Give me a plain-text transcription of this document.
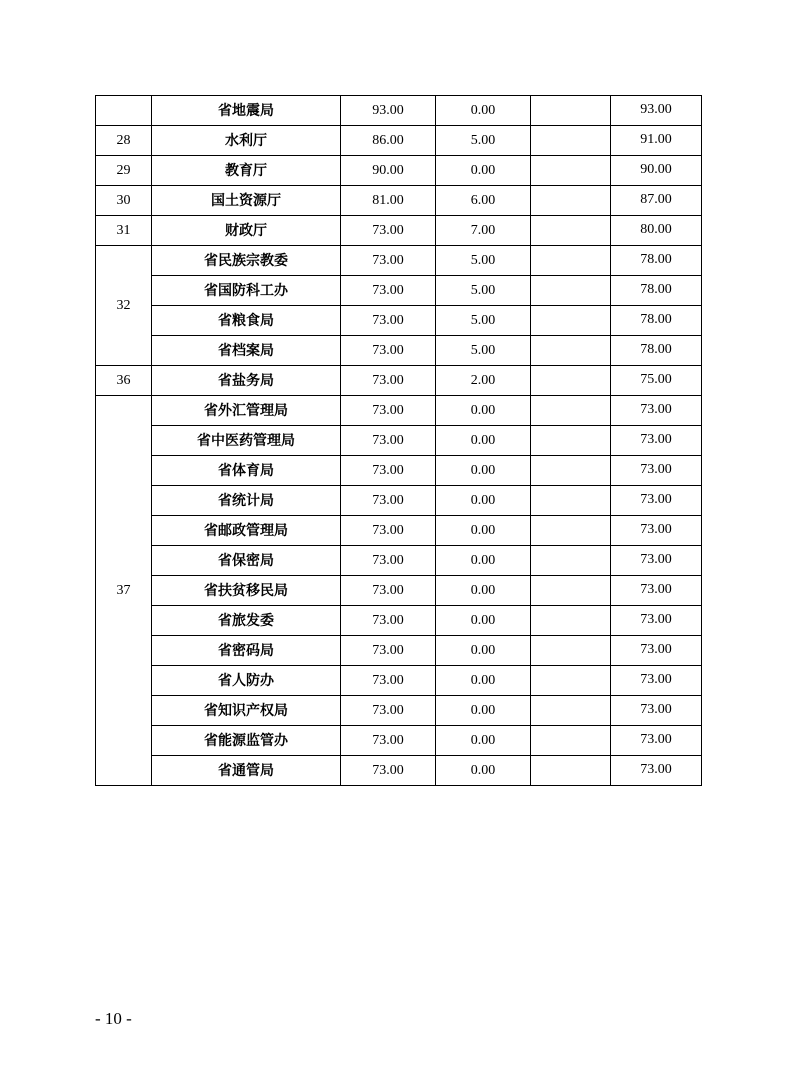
	省地震局	93.00	0.00		93.00
28	水利厅	86.00	5.00		91.00
29	教育厅	90.00	0.00		90.00
30	国土资源厅	81.00	6.00		87.00
31	财政厅	73.00	7.00		80.00
32	省民族宗教委	73.00	5.00		78.00
	省国防科工办	73.00	5.00		78.00
	省粮食局	73.00	5.00		78.00
	省档案局	73.00	5.00		78.00
36	省盐务局	73.00	2.00		75.00
37	省外汇管理局	73.00	0.00		73.00
	省中医药管理局	73.00	0.00		73.00
	省体育局	73.00	0.00		73.00
	省统计局	73.00	0.00		73.00
	省邮政管理局	73.00	0.00		73.00
	省保密局	73.00	0.00		73.00
	省扶贫移民局	73.00	0.00		73.00
	省旅发委	73.00	0.00		73.00
	省密码局	73.00	0.00		73.00
	省人防办	73.00	0.00		73.00
	省知识产权局	73.00	0.00		73.00
	省能源监管办	73.00	0.00		73.00
	省通管局	73.00	0.00		73.00
- 10 -
